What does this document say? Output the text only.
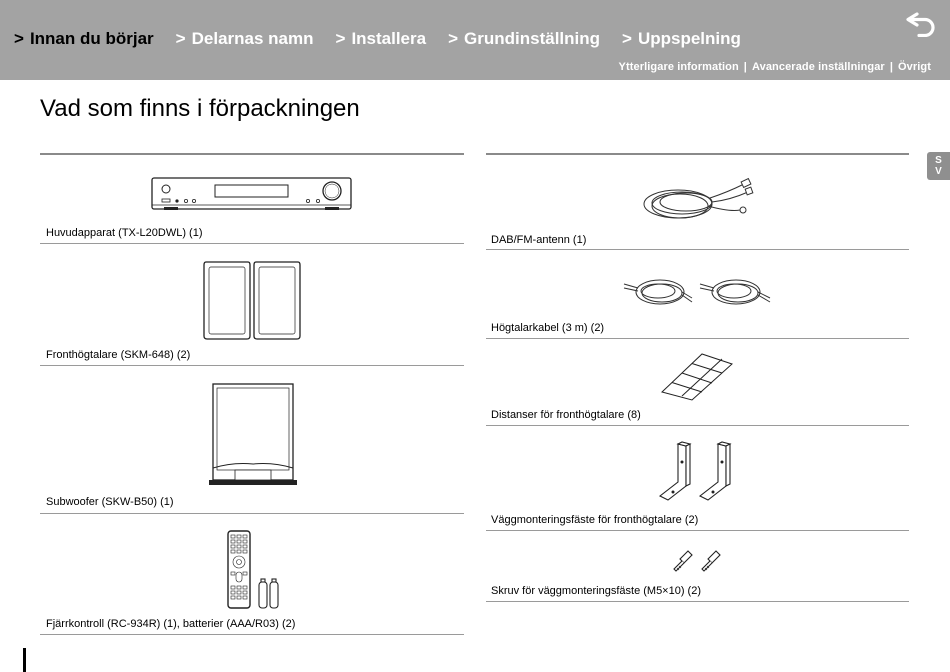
> Innan du börjar > Delarnas namn > Installera > Grundinställning > Uppspelning
Ytterligare information | Avancerade inställningar | Övrigt
Vad som finns i förpackningen
S
V
Huvudapparat (TX-L20DWL) (1)
Fronthögtalare (SKM-648) (2)
Subwoofer (SKW-B50) (1)
Fjärrkontroll (RC-934R) (1), batterier (AAA/R03) (2)
DAB/FM-antenn (1)
Högtalarkabel (3 m) (2)
Distanser för fronthögtalare (8)
Väggmonteringsfäste för fronthögtalare (2)
Skruv för väggmonteringsfäste (M5×10) (2)
